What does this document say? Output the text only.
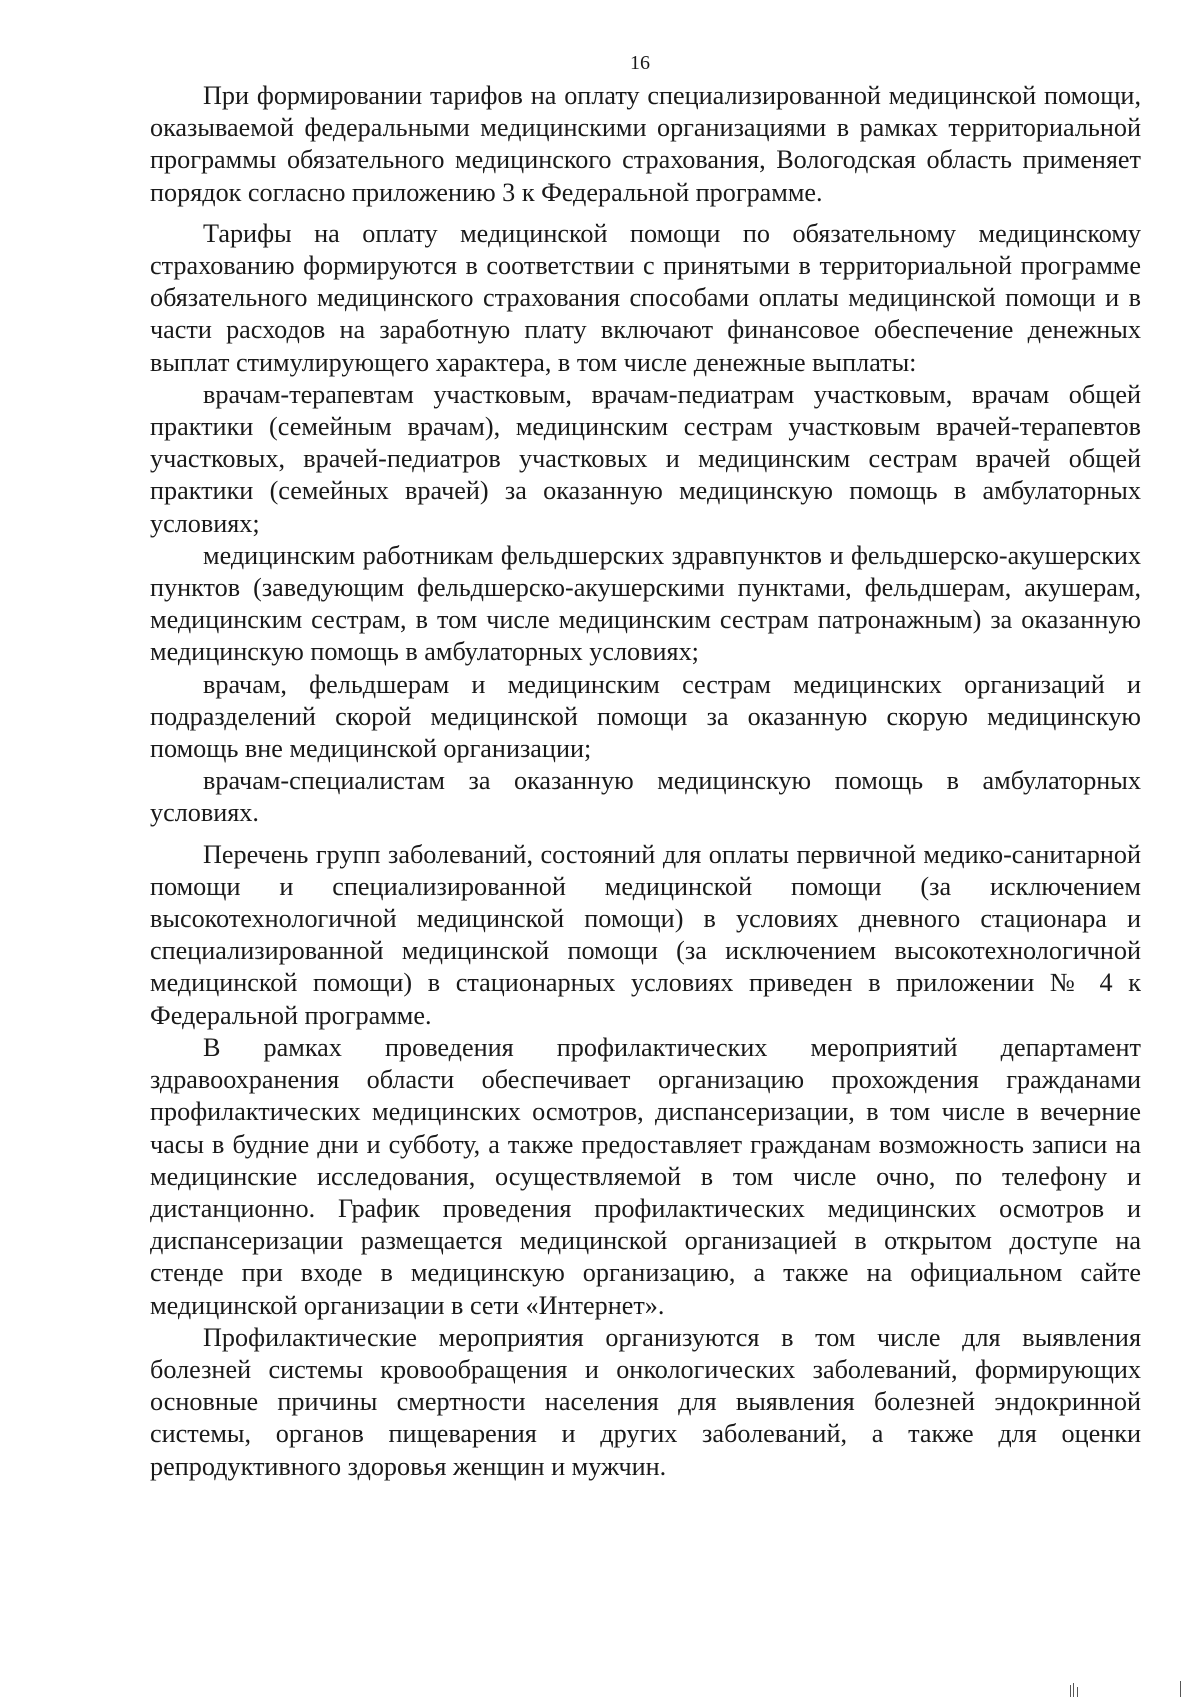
16

При формировании тарифов на оплату специализированной медицинской помощи, оказываемой федеральными медицинскими организациями в рамках территориальной программы обязательного медицинского страхования, Вологодская область применяет порядок согласно приложению 3 к Федеральной программе.

Тарифы на оплату медицинской помощи по обязательному медицинскому страхованию формируются в соответствии с принятыми в территориальной программе обязательного медицинского страхования способами оплаты медицинской помощи и в части расходов на заработную плату включают финансовое обеспечение денежных выплат стимулирующего характера, в том числе денежные выплаты:

врачам-терапевтам участковым, врачам-педиатрам участковым, врачам общей практики (семейным врачам), медицинским сестрам участковым врачей-терапевтов участковых, врачей-педиатров участковых и медицинским сестрам врачей общей практики (семейных врачей) за оказанную медицинскую помощь в амбулаторных условиях;

медицинским работникам фельдшерских здравпунктов и фельдшерско-акушерских пунктов (заведующим фельдшерско-акушерскими пунктами, фельдшерам, акушерам, медицинским сестрам, в том числе медицинским сестрам патронажным) за оказанную медицинскую помощь в амбулаторных условиях;

врачам, фельдшерам и медицинским сестрам медицинских организаций и подразделений скорой медицинской помощи за оказанную скорую медицинскую помощь вне медицинской организации;

врачам-специалистам за оказанную медицинскую помощь в амбулаторных условиях.

Перечень групп заболеваний, состояний для оплаты первичной медико-санитарной помощи и специализированной медицинской помощи (за исключением высокотехнологичной медицинской помощи) в условиях дневного стационара и специализированной медицинской помощи (за исключением высокотехнологичной медицинской помощи) в стационарных условиях приведен в приложении № 4 к Федеральной программе.

В рамках проведения профилактических мероприятий департамент здравоохранения области обеспечивает организацию прохождения гражданами профилактических медицинских осмотров, диспансеризации, в том числе в вечерние часы в будние дни и субботу, а также предоставляет гражданам возможность записи на медицинские исследования, осуществляемой в том числе очно, по телефону и дистанционно. График проведения профилактических медицинских осмотров и диспансеризации размещается медицинской организацией в открытом доступе на стенде при входе в медицинскую организацию, а также на официальном сайте медицинской организации в сети «Интернет».

Профилактические мероприятия организуются в том числе для выявления болезней системы кровообращения и онкологических заболеваний, формирующих основные причины смертности населения для выявления болезней эндокринной системы, органов пищеварения и других заболеваний, а также для оценки репродуктивного здоровья женщин и мужчин.
